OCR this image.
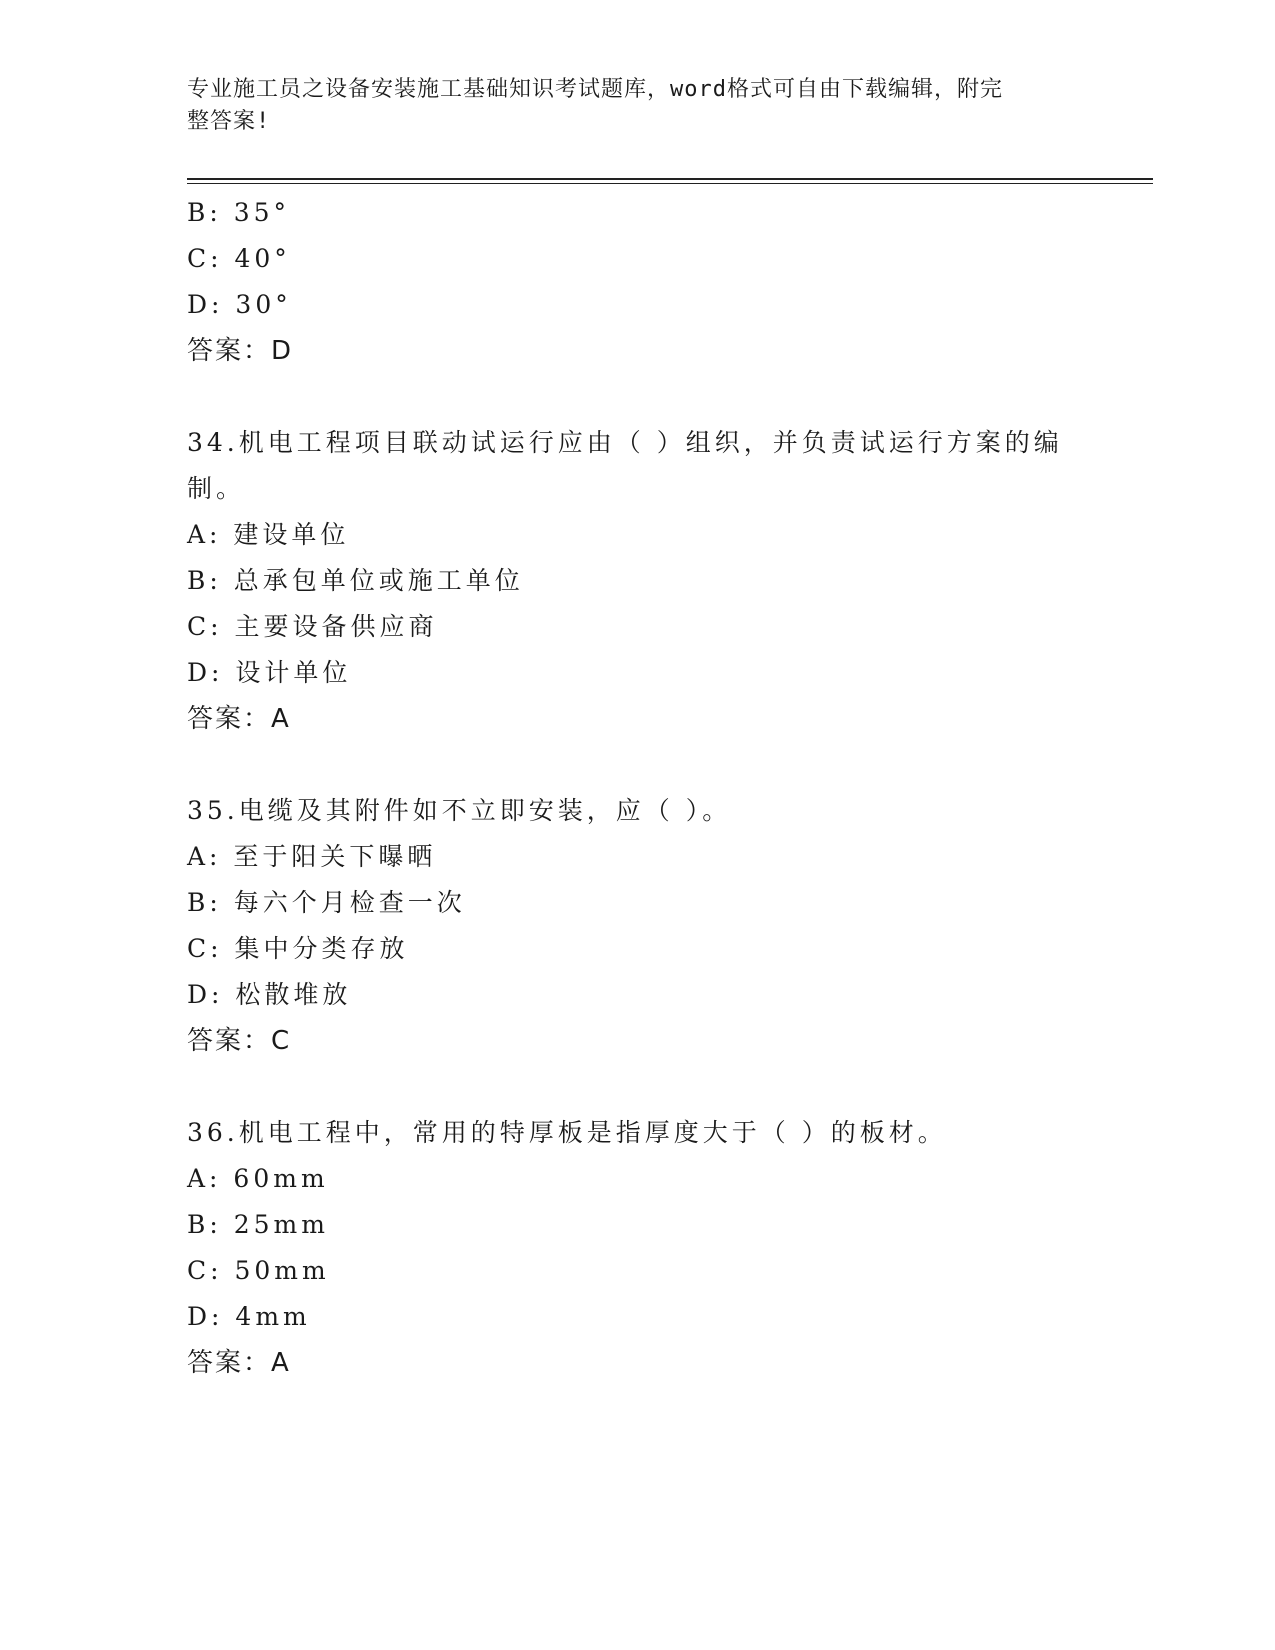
专业施工员之设备安装施工基础知识考试题库，word格式可自由下载编辑，附完
整答案!
B: 35°
C: 40°
D: 30°
答案：D
34.机电工程项目联动试运行应由（ ）组织，并负责试运行方案的编
制。
A: 建设单位
B: 总承包单位或施工单位
C: 主要设备供应商
D: 设计单位
答案：A
35.电缆及其附件如不立即安装，应（ ）。
A: 至于阳关下曝晒
B: 每六个月检查一次
C: 集中分类存放
D: 松散堆放
答案：C
36.机电工程中，常用的特厚板是指厚度大于（ ）的板材。
A: 60mm
B: 25mm
C: 50mm
D: 4mm
答案：A
